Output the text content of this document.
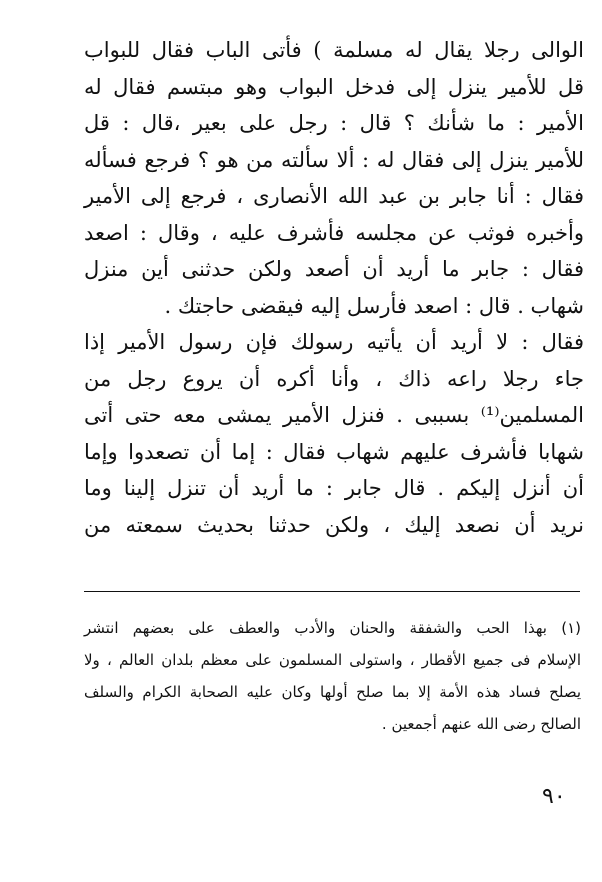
الوالى رجلا يقال له مسلمة ) فأتى الباب فقال للبواب
قل للأمير ينزل إلى فدخل البواب وهو مبتسم فقال له
الأمير : ما شأنك ؟ قال : رجل على بعير ،قال : قل
للأمير ينزل إلى فقال له : ألا سألته من هو ؟ فرجع فسأله
فقال : أنا جابر بن عبد الله الأنصارى ، فرجع إلى الأمير
وأخبره فوثب عن مجلسه فأشرف عليه ، وقال : اصعد
فقال : جابر ما أريد أن أصعد ولكن حدثنى أين منزل
شهاب . قال : اصعد فأرسل إليه فيقضى حاجتك .
فقال : لا أريد أن يأتيه رسولك فإن رسول الأمير إذا
جاء رجلا راعه ذاك ، وأنا أكره أن يروع رجل من
المسلمين⁽¹⁾ بسببى . فنزل الأمير يمشى معه حتى أتى
شهابا فأشرف عليهم شهاب فقال : إما أن تصعدوا وإما
أن أنزل إليكم . قال جابر : ما أريد أن تنزل إلينا وما
نريد أن نصعد إليك ، ولكن حدثنا بحديث سمعته من
(١) بهذا الحب والشفقة والحنان والأدب والعطف على بعضهم انتشر
الإسلام فى جميع الأقطار ، واستولى المسلمون على معظم بلدان العالم ، ولا
يصلح فساد هذه الأمة إلا بما صلح أولها وكان عليه الصحابة الكرام والسلف
الصالح رضى الله عنهم أجمعين .
٩٠
